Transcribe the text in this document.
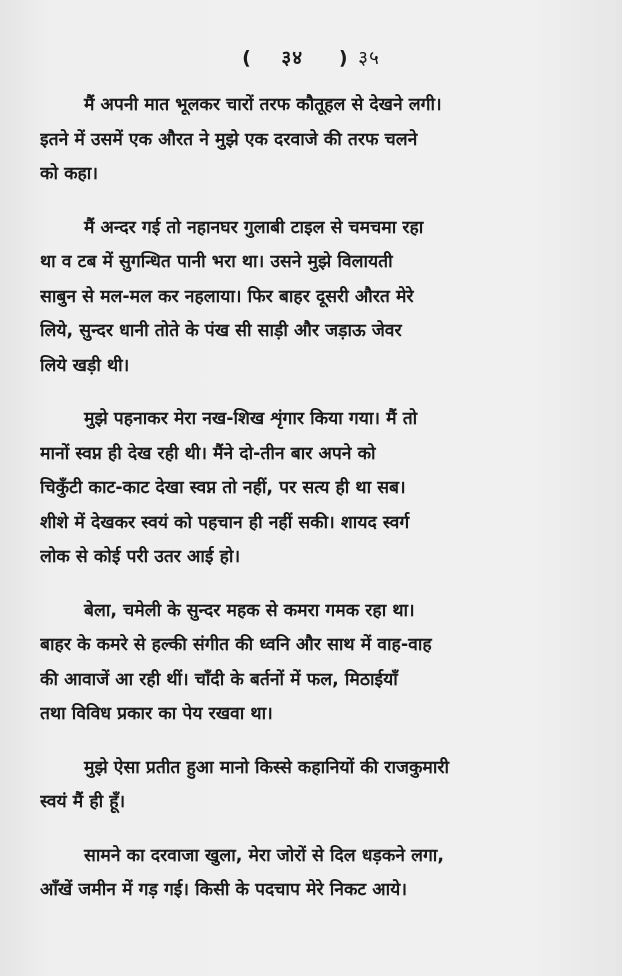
( ३४ ) ३५

मैं अपनी मात भूलकर चारों तरफ कौतूहल से देखने लगी।
इतने में उसमें एक औरत ने मुझे एक दरवाजे की तरफ चलने
को कहा।

मैं अन्दर गई तो नहानघर गुलाबी टाइल से चमचमा रहा
था व टब में सुगन्धित पानी भरा था। उसने मुझे विलायती
साबुन से मल-मल कर नहलाया। फिर बाहर दूसरी औरत मेरे
लिये, सुन्दर धानी तोते के पंख सी साड़ी और जड़ाऊ जेवर
लिये खड़ी थी।

मुझे पहनाकर मेरा नख-शिख शृंगार किया गया। मैं तो
मानों स्वप्न ही देख रही थी। मैंने दो-तीन बार अपने को
चिकुँटी काट-काट देखा स्वप्न तो नहीं, पर सत्य ही था सब।
शीशे में देखकर स्वयं को पहचान ही नहीं सकी। शायद स्वर्ग
लोक से कोई परी उतर आई हो।

बेला, चमेली के सुन्दर महक से कमरा गमक रहा था।
बाहर के कमरे से हल्की संगीत की ध्वनि और साथ में वाह-वाह
की आवाजें आ रही थीं। चाँदी के बर्तनों में फल, मिठाईयाँ
तथा विविध प्रकार का पेय रखवा था।

मुझे ऐसा प्रतीत हुआ मानो किस्से कहानियों की राजकुमारी
स्वयं मैं ही हूँ।

सामने का दरवाजा खुला, मेरा जोरों से दिल धड़कने लगा,
आँखें जमीन में गड़ गई। किसी के पदचाप मेरे निकट आये।
